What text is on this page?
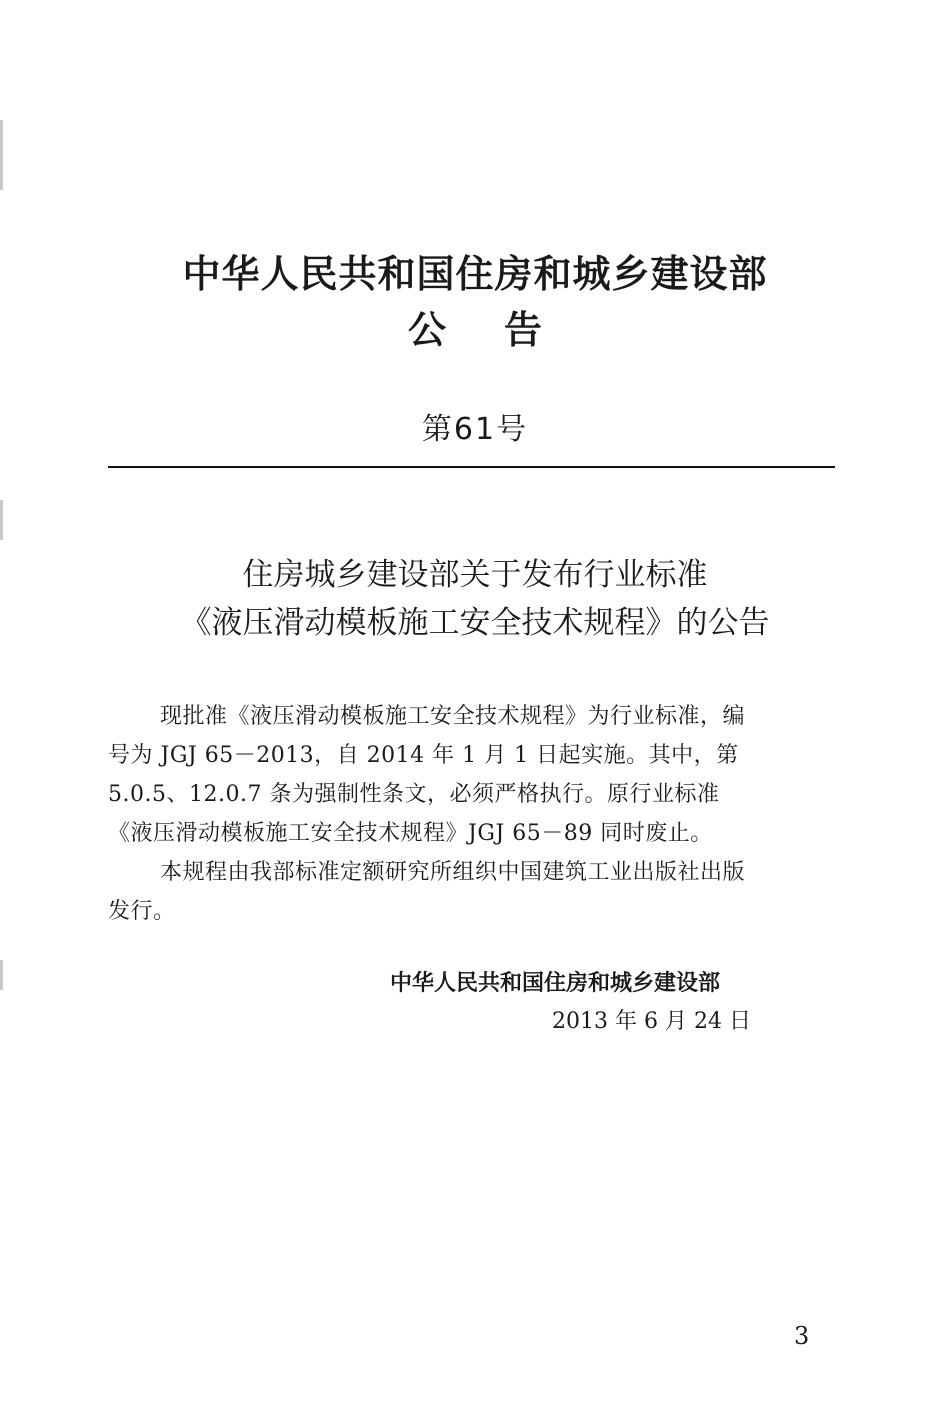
中华人民共和国住房和城乡建设部
公告
第61号
住房城乡建设部关于发布行业标准
《液压滑动模板施工安全技术规程》的公告
现批准《液压滑动模板施工安全技术规程》为行业标准，编
号为 JGJ 65－2013，自 2014 年 1 月 1 日起实施。其中，第
5.0.5、12.0.7 条为强制性条文，必须严格执行。原行业标准
《液压滑动模板施工安全技术规程》JGJ 65－89 同时废止。
本规程由我部标准定额研究所组织中国建筑工业出版社出版
发行。
中华人民共和国住房和城乡建设部
2013 年 6 月 24 日
3
